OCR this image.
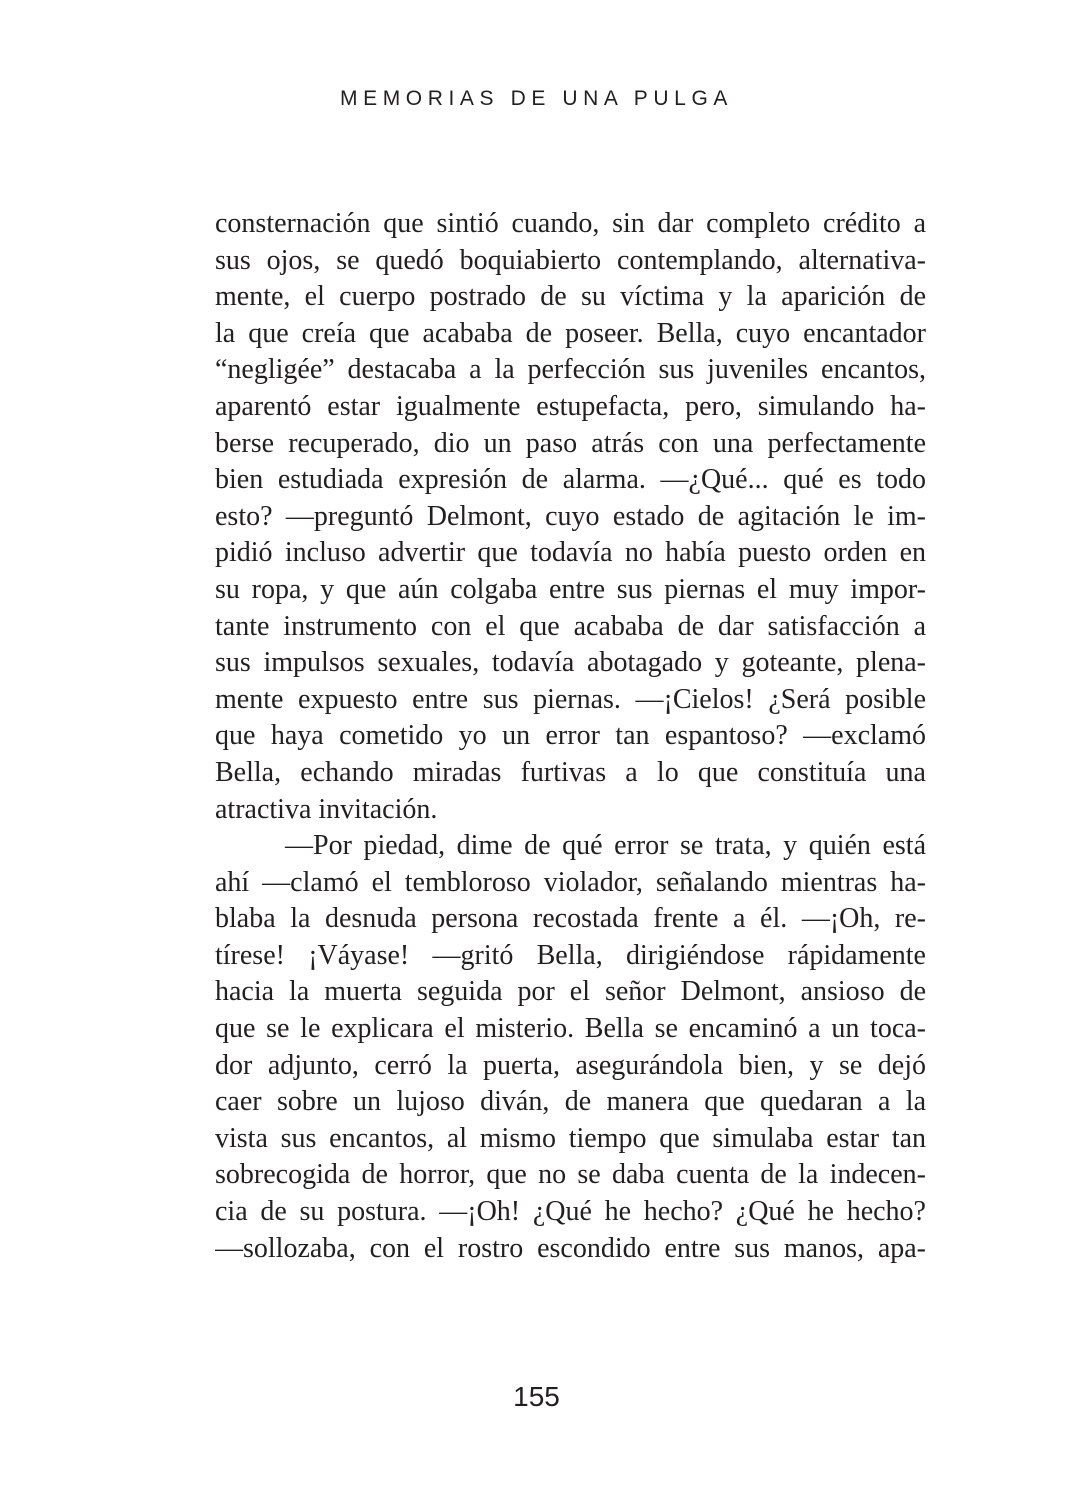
MEMORIAS DE UNA PULGA
consternación que sintió cuando, sin dar completo crédito a
sus ojos, se quedó boquiabierto contemplando, alternativa-
mente, el cuerpo postrado de su víctima y la aparición de
la que creía que acababa de poseer. Bella, cuyo encantador
“negligée” destacaba a la perfección sus juveniles encantos,
aparentó estar igualmente estupefacta, pero, simulando ha-
berse recuperado, dio un paso atrás con una perfectamente
bien estudiada expresión de alarma. —¿Qué... qué es todo
esto? —preguntó Delmont, cuyo estado de agitación le im-
pidió incluso advertir que todavía no había puesto orden en
su ropa, y que aún colgaba entre sus piernas el muy impor-
tante instrumento con el que acababa de dar satisfacción a
sus impulsos sexuales, todavía abotagado y goteante, plena-
mente expuesto entre sus piernas. —¡Cielos! ¿Será posible
que haya cometido yo un error tan espantoso? —exclamó
Bella, echando miradas furtivas a lo que constituía una
atractiva invitación.
—Por piedad, dime de qué error se trata, y quién está
ahí —clamó el tembloroso violador, señalando mientras ha-
blaba la desnuda persona recostada frente a él. —¡Oh, re-
tírese! ¡Váyase! —gritó Bella, dirigiéndose rápidamente
hacia la muerta seguida por el señor Delmont, ansioso de
que se le explicara el misterio. Bella se encaminó a un toca-
dor adjunto, cerró la puerta, asegurándola bien, y se dejó
caer sobre un lujoso diván, de manera que quedaran a la
vista sus encantos, al mismo tiempo que simulaba estar tan
sobrecogida de horror, que no se daba cuenta de la indecen-
cia de su postura. —¡Oh! ¿Qué he hecho? ¿Qué he hecho?
—sollozaba, con el rostro escondido entre sus manos, apa-
155
